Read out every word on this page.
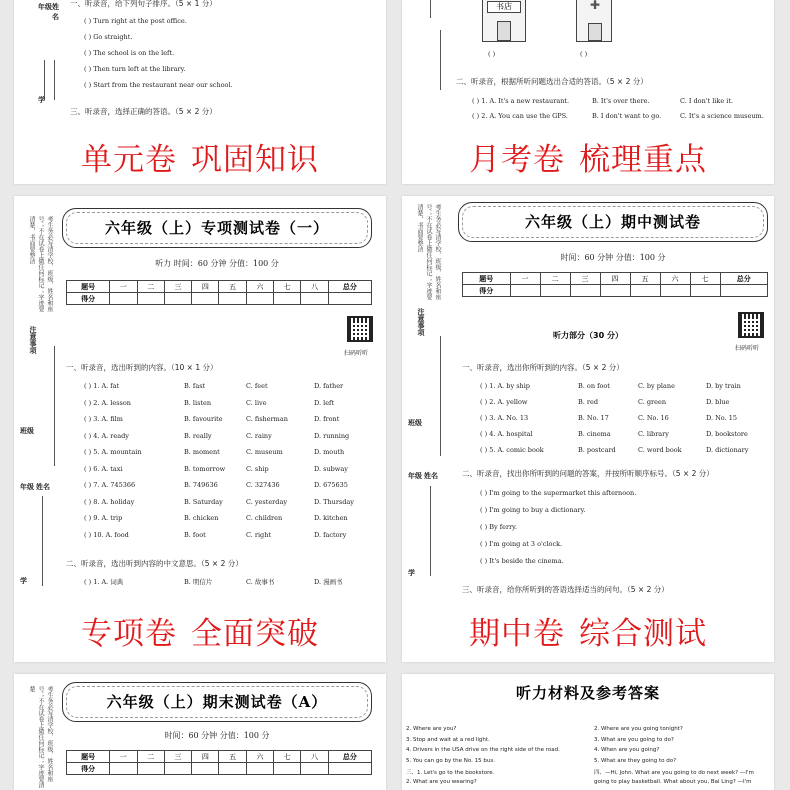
年级 姓名
学
一、听录音，给下列句子排序。（5 × 1 分）
( ) Turn right at the post office.
( ) Go straight.
( ) The school is on the left.
( ) Then turn left at the library.
( ) Start from the restaurant near our school.
三、听录音，选择正确的答语。（5 × 2 分）
单元卷 巩固知识
书店	✚
( )	( )
二、听录音，根据所听问题选出合适的答语。（5 × 2 分）
( ) 1. A. It's a new restaurant.	B. It's over there.	C. I don't like it.
( ) 2. A. You can use the GPS.	B. I don't want to go.	C. It's a science museum.
月考卷 梳理重点
考生务必写清学校、班级、姓名和座号；不在试卷上做任何标记；字迹要清楚，书面要整洁
注意事项
班级
年级 姓名
学
六年级（上）专项测试卷（一）
听力 时间：60 分钟 分值：100 分
题号	一	二	三	四	五	六	七	八	总分
得分									
扫码听听
一、听录音，选出听到的内容。（10 × 1 分）
( ) 1. A. fat	B. fast	C. feet	D. father
( ) 2. A. lesson	B. listen	C. live	D. left
( ) 3. A. film	B. favourite	C. fisherman	D. front
( ) 4. A. ready	B. really	C. rainy	D. running
( ) 5. A. mountain	B. moment	C. museum	D. mouth
( ) 6. A. taxi	B. tomorrow	C. ship	D. subway
( ) 7. A. 745366	B. 749636	C. 327436	D. 675635
( ) 8. A. holiday	B. Saturday	C. yesterday	D. Thursday
( ) 9. A. trip	B. chicken	C. children	D. kitchen
( ) 10. A. food	B. foot	C. right	D. factory
二、听录音，选出听到内容的中文意思。（5 × 2 分）
( ) 1. A. 词典	B. 明信片	C. 故事书	D. 漫画书
专项卷 全面突破
考生务必写清学校、班级、姓名和座号；不在试卷上做任何标记；字迹要清楚，书面要整洁
注意事项
班级
年级 姓名
学
六年级（上）期中测试卷
时间：60 分钟 分值：100 分
题号	一	二	三	四	五	六	七	总分
得分								
扫码听听
听力部分（30 分）
一、听录音，选出你所听到的内容。（5 × 2 分）
( ) 1. A. by ship	B. on foot	C. by plane	D. by train
( ) 2. A. yellow	B. red	C. green	D. blue
( ) 3. A. No. 13	B. No. 17	C. No. 16	D. No. 15
( ) 4. A. hospital	B. cinema	C. library	D. bookstore
( ) 5. A. comic book	B. postcard	C. word book	D. dictionary
二、听录音，找出你所听到的问题的答案，并按所听顺序标号。（5 × 2 分）
( ) I'm going to the supermarket this afternoon.
( ) I'm going to buy a dictionary.
( ) By ferry.
( ) I'm going at 3 o'clock.
( ) It's beside the cinema.
三、听录音，给你所听到的答语选择适当的问句。（5 × 2 分）
期中卷 综合测试
考生务必写清学校、班级、姓名和座号；不在试卷上做任何标记；字迹要清楚
六年级（上）期末测试卷（A）
时间：60 分钟 分值：100 分
题号	一	二	三	四	五	六	七	八	总分
得分									
听力材料及参考答案
2. Where are you?
3. Stop and wait at a red light.
4. Drivers in the USA drive on the right side of the road.
5. You can go by the No. 15 bus.
三、1. Let's go to the bookstore.
2. What are you wearing?
2. Where are you going tonight?
3. What are you going to do?
4. When are you going?
5. What are they going to do?
四、—Hi, John. What are you going to do next week? —I'm
going to play basketball. What about you, Bai Ling? —I'm
